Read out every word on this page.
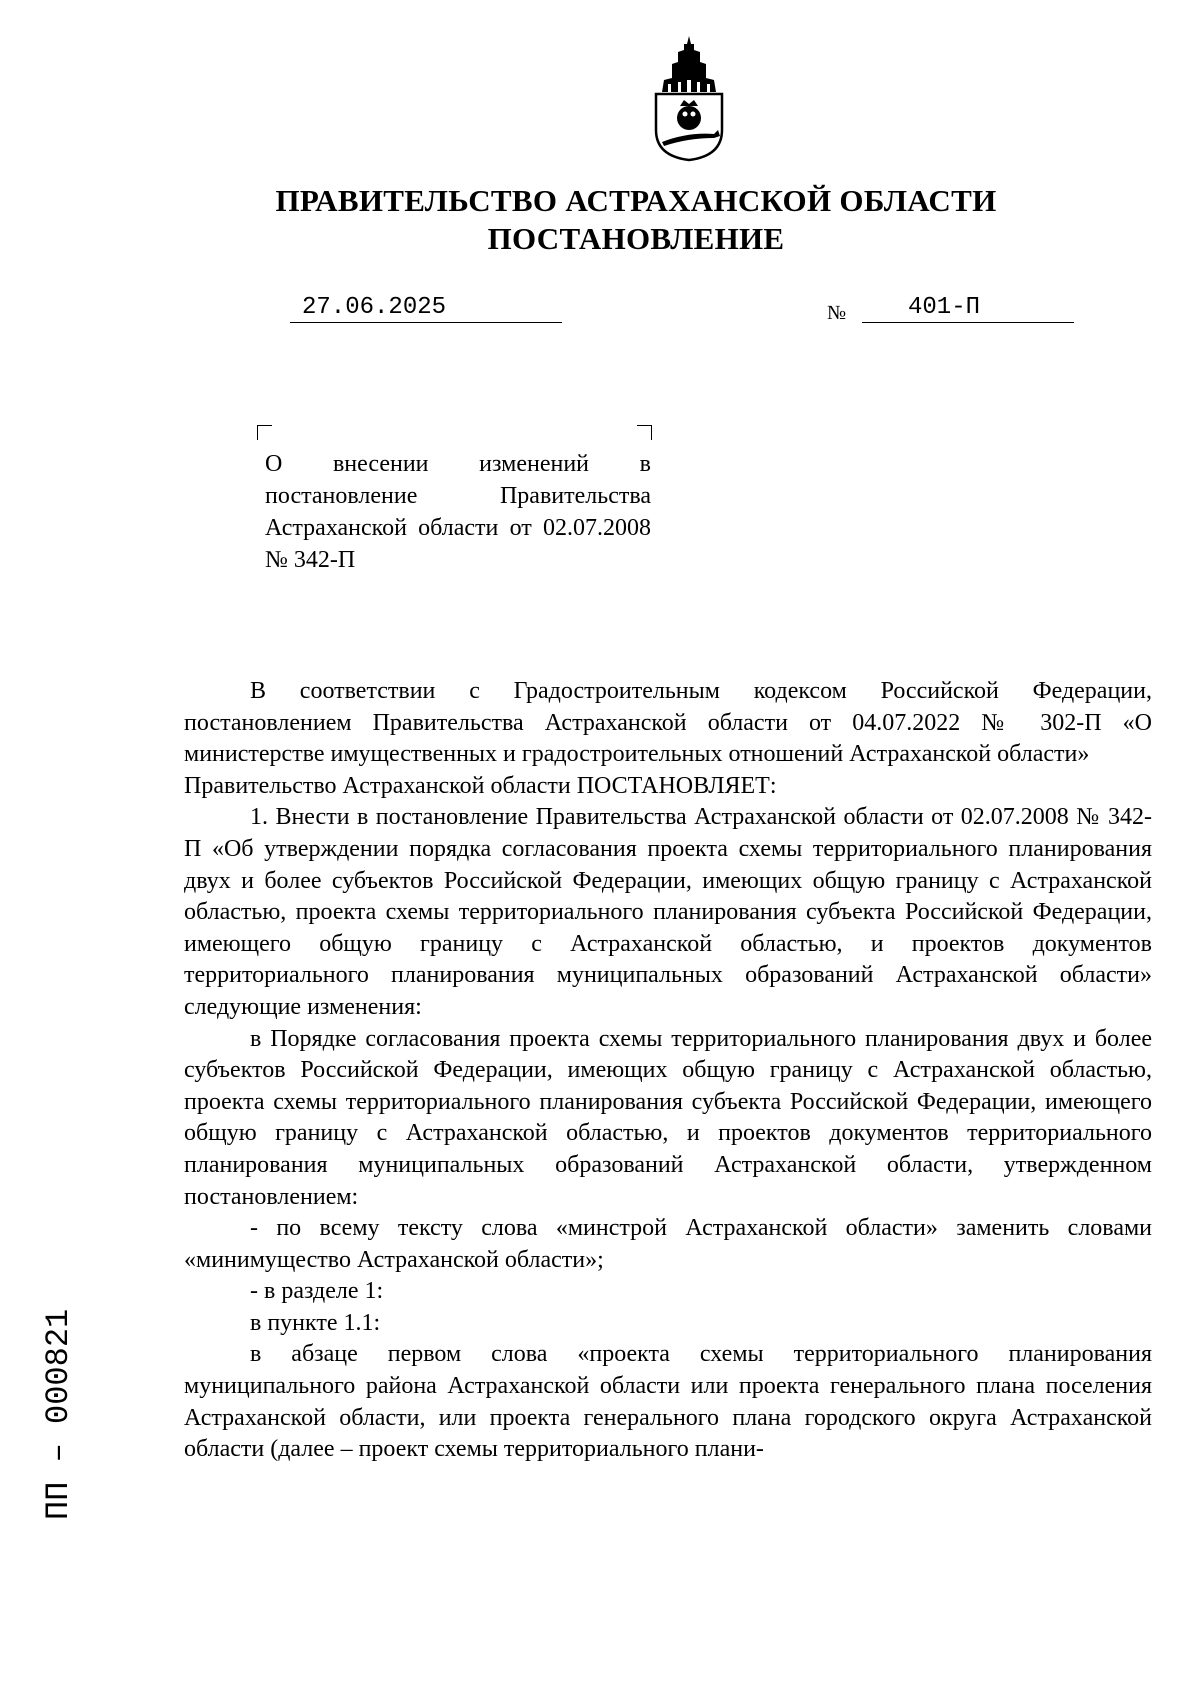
ПРАВИТЕЛЬСТВО АСТРАХАНСКОЙ ОБЛАСТИ
ПОСТАНОВЛЕНИЕ
27.06.2025	№	401-П
О внесении изменений в постановление Правительства Астраханской области от 02.07.2008 № 342-П

В соответствии с Градостроительным кодексом Российской Федерации, постановлением Правительства Астраханской области от 04.07.2022 № 302-П «О министерстве имущественных и градостроительных отношений Астраханской области»

Правительство Астраханской области ПОСТАНОВЛЯЕТ:

1. Внести в постановление Правительства Астраханской области от 02.07.2008 № 342-П «Об утверждении порядка согласования проекта схемы территориального планирования двух и более субъектов Российской Федерации, имеющих общую границу с Астраханской областью, проекта схемы территориального планирования субъекта Российской Федерации, имеющего общую границу с Астраханской областью, и проектов документов территориального планирования муниципальных образований Астраханской области» следующие изменения:

в Порядке согласования проекта схемы территориального планирования двух и более субъектов Российской Федерации, имеющих общую границу с Астраханской областью, проекта схемы территориального планирования субъекта Российской Федерации, имеющего общую границу с Астраханской областью, и проектов документов территориального планирования муниципальных образований Астраханской области, утвержденном постановлением:

- по всему тексту слова «минстрой Астраханской области» заменить словами «минимущество Астраханской области»;

- в разделе 1:

в пункте 1.1:

в абзаце первом слова «проекта схемы территориального планирования муниципального района Астраханской области или проекта генерального плана поселения Астраханской области, или проекта генерального плана городского округа Астраханской области (далее – проект схемы территориального плани-

ПП – 000821
